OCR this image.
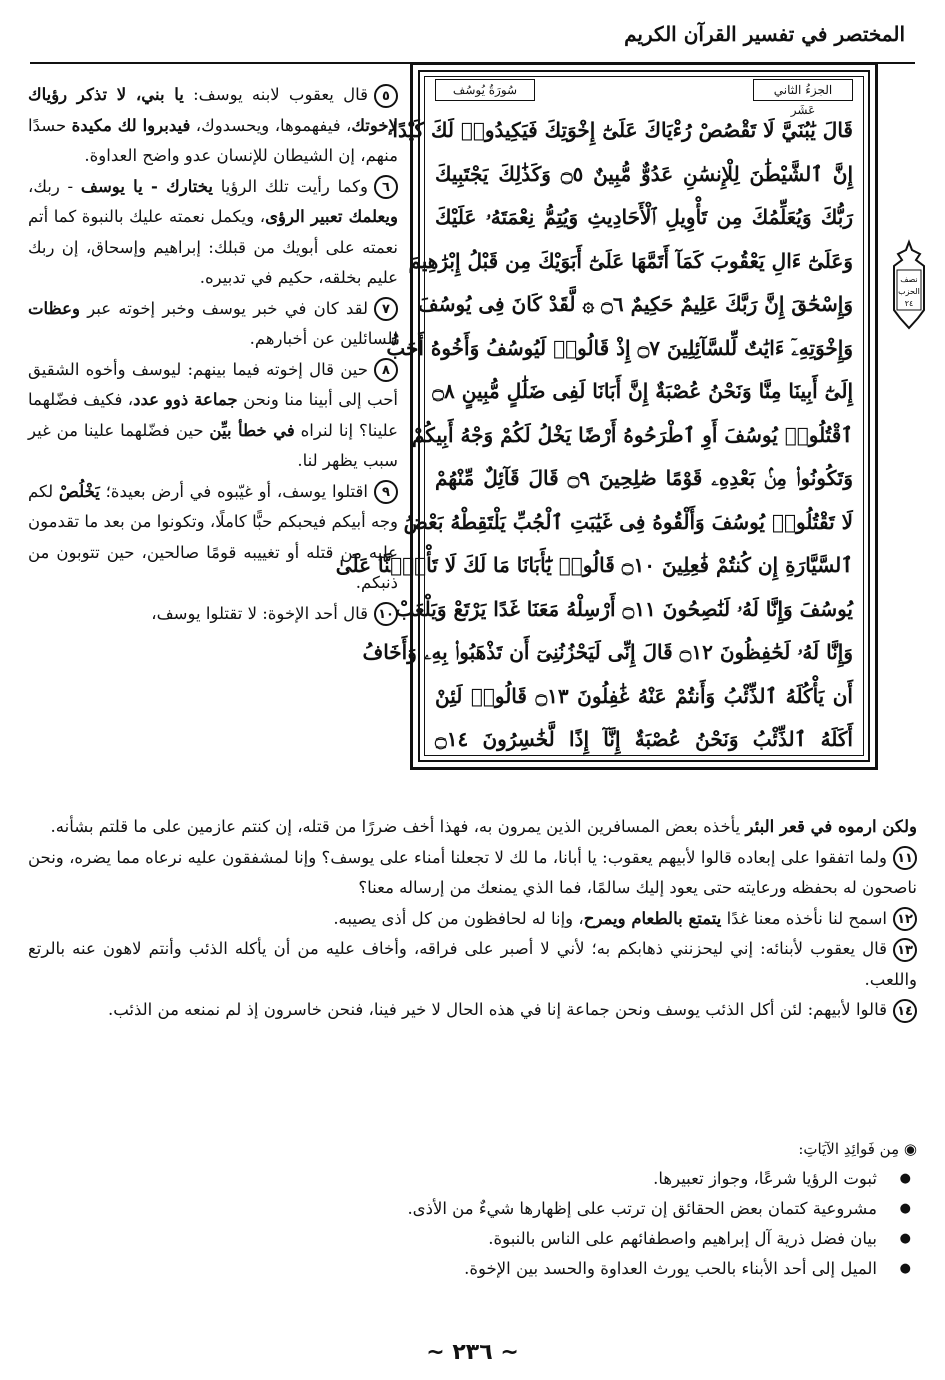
المختصر في تفسير القرآن الكريم
الجزءُ الثاني عَشَر
سُورَةُ يُوسُف
قَالَ يَٰبُنَيَّ لَا تَقْصُصْ رُءْيَاكَ عَلَىٰٓ إِخْوَتِكَ فَيَكِيدُوا۟ لَكَ كَيْدًا
إِنَّ ٱلشَّيْطَٰنَ لِلْإِنسَٰنِ عَدُوٌّ مُّبِينٌ ۝٥ وَكَذَٰلِكَ يَجْتَبِيكَ
رَبُّكَ وَيُعَلِّمُكَ مِن تَأْوِيلِ ٱلْأَحَادِيثِ وَيُتِمُّ نِعْمَتَهُۥ عَلَيْكَ
وَعَلَىٰٓ ءَالِ يَعْقُوبَ كَمَآ أَتَمَّهَا عَلَىٰٓ أَبَوَيْكَ مِن قَبْلُ إِبْرَٰهِيمَ
وَإِسْحَٰقَ إِنَّ رَبَّكَ عَلِيمٌ حَكِيمٌ ۝٦ ۞ لَّقَدْ كَانَ فِى يُوسُفَ
وَإِخْوَتِهِۦٓ ءَايَٰتٌ لِّلسَّآئِلِينَ ۝٧ إِذْ قَالُوا۟ لَيُوسُفُ وَأَخُوهُ أَحَبُّ
إِلَىٰٓ أَبِينَا مِنَّا وَنَحْنُ عُصْبَةٌ إِنَّ أَبَانَا لَفِى ضَلَٰلٍ مُّبِينٍ ۝٨
ٱقْتُلُوا۟ يُوسُفَ أَوِ ٱطْرَحُوهُ أَرْضًا يَخْلُ لَكُمْ وَجْهُ أَبِيكُمْ
وَتَكُونُوا۟ مِنۢ بَعْدِهِۦ قَوْمًا صَٰلِحِينَ ۝٩ قَالَ قَآئِلٌ مِّنْهُمْ
لَا تَقْتُلُوا۟ يُوسُفَ وَأَلْقُوهُ فِى غَيَٰبَتِ ٱلْجُبِّ يَلْتَقِطْهُ بَعْضُ
ٱلسَّيَّارَةِ إِن كُنتُمْ فَٰعِلِينَ ۝١٠ قَالُوا۟ يَٰٓأَبَانَا مَا لَكَ لَا تَأْمَ۫نَّا عَلَىٰ
يُوسُفَ وَإِنَّا لَهُۥ لَنَٰصِحُونَ ۝١١ أَرْسِلْهُ مَعَنَا غَدًا يَرْتَعْ وَيَلْعَبْ
وَإِنَّا لَهُۥ لَحَٰفِظُونَ ۝١٢ قَالَ إِنِّى لَيَحْزُنُنِىٓ أَن تَذْهَبُوا۟ بِهِۦ وَأَخَافُ
أَن يَأْكُلَهُ ٱلذِّئْبُ وَأَنتُمْ عَنْهُ غَٰفِلُونَ ۝١٣ قَالُوا۟ لَئِنْ
أَكَلَهُ ٱلذِّئْبُ وَنَحْنُ عُصْبَةٌ إِنَّآ إِذًا لَّخَٰسِرُونَ ۝١٤
نصف
الحزب
٢٤

٥قال يعقوب لابنه يوسف: يا بني، لا تذكر رؤياك لإخوتك، فيفهموها، ويحسدوك، فيدبروا لك مكيدة حسدًا منهم، إن الشيطان للإنسان عدو واضح العداوة.

٦وكما رأيت تلك الرؤيا يختارك - يا يوسف - ربك، ويعلمك تعبير الرؤى، ويكمل نعمته عليك بالنبوة كما أتم نعمته على أبويك من قبلك: إبراهيم وإسحاق، إن ربك عليم بخلقه، حكيم في تدبيره.

٧لقد كان في خبر يوسف وخبر إخوته عبر وعظات للسائلين عن أخبارهم.

٨حين قال إخوته فيما بينهم: ليوسف وأخوه الشقيق أحب إلى أبينا منا ونحن جماعة ذوو عدد، فكيف فضّلهما علينا؟ إنا لنراه في خطأ بيِّن حين فضّلهما علينا من غير سبب يظهر لنا.

٩اقتلوا يوسف، أو غيّبوه في أرض بعيدة؛ يَخْلُصْ لكم وجه أبيكم فيحبكم حبًّا كاملًا، وتكونوا من بعد ما تقدمون عليه من قتله أو تغييبه قومًا صالحين، حين تتوبون من ذنبكم.

١٠قال أحد الإخوة: لا تقتلوا يوسف،

ولكن ارموه في قعر البئر يأخذه بعض المسافرين الذين يمرون به، فهذا أخف ضررًا من قتله، إن كنتم عازمين على ما قلتم بشأنه.

١١ولما اتفقوا على إبعاده قالوا لأبيهم يعقوب: يا أبانا، ما لك لا تجعلنا أمناء على يوسف؟ وإنا لمشفقون عليه نرعاه مما يضره، ونحن ناصحون له بحفظه ورعايته حتى يعود إليك سالمًا، فما الذي يمنعك من إرساله معنا؟

١٢اسمح لنا نأخذه معنا غدًا يتمتع بالطعام ويمرح، وإنا له لحافظون من كل أذى يصيبه.

١٣قال يعقوب لأبنائه: إني ليحزنني ذهابكم به؛ لأني لا أصبر على فراقه، وأخاف عليه من أن يأكله الذئب وأنتم لاهون عنه بالرتع واللعب.

١٤قالوا لأبيهم: لئن أكل الذئب يوسف ونحن جماعة إنا في هذه الحال لا خير فينا، فنحن خاسرون إذ لم نمنعه من الذئب.

◉ مِن فَوائِدِ الآيَاتِ:
● ثبوت الرؤيا شرعًا، وجواز تعبيرها.
● مشروعية كتمان بعض الحقائق إن ترتب على إظهارها شيءٌ من الأذى.
● بيان فضل ذرية آل إبراهيم واصطفائهم على الناس بالنبوة.
● الميل إلى أحد الأبناء بالحب يورث العداوة والحسد بين الإخوة.
~ ٢٣٦ ~
